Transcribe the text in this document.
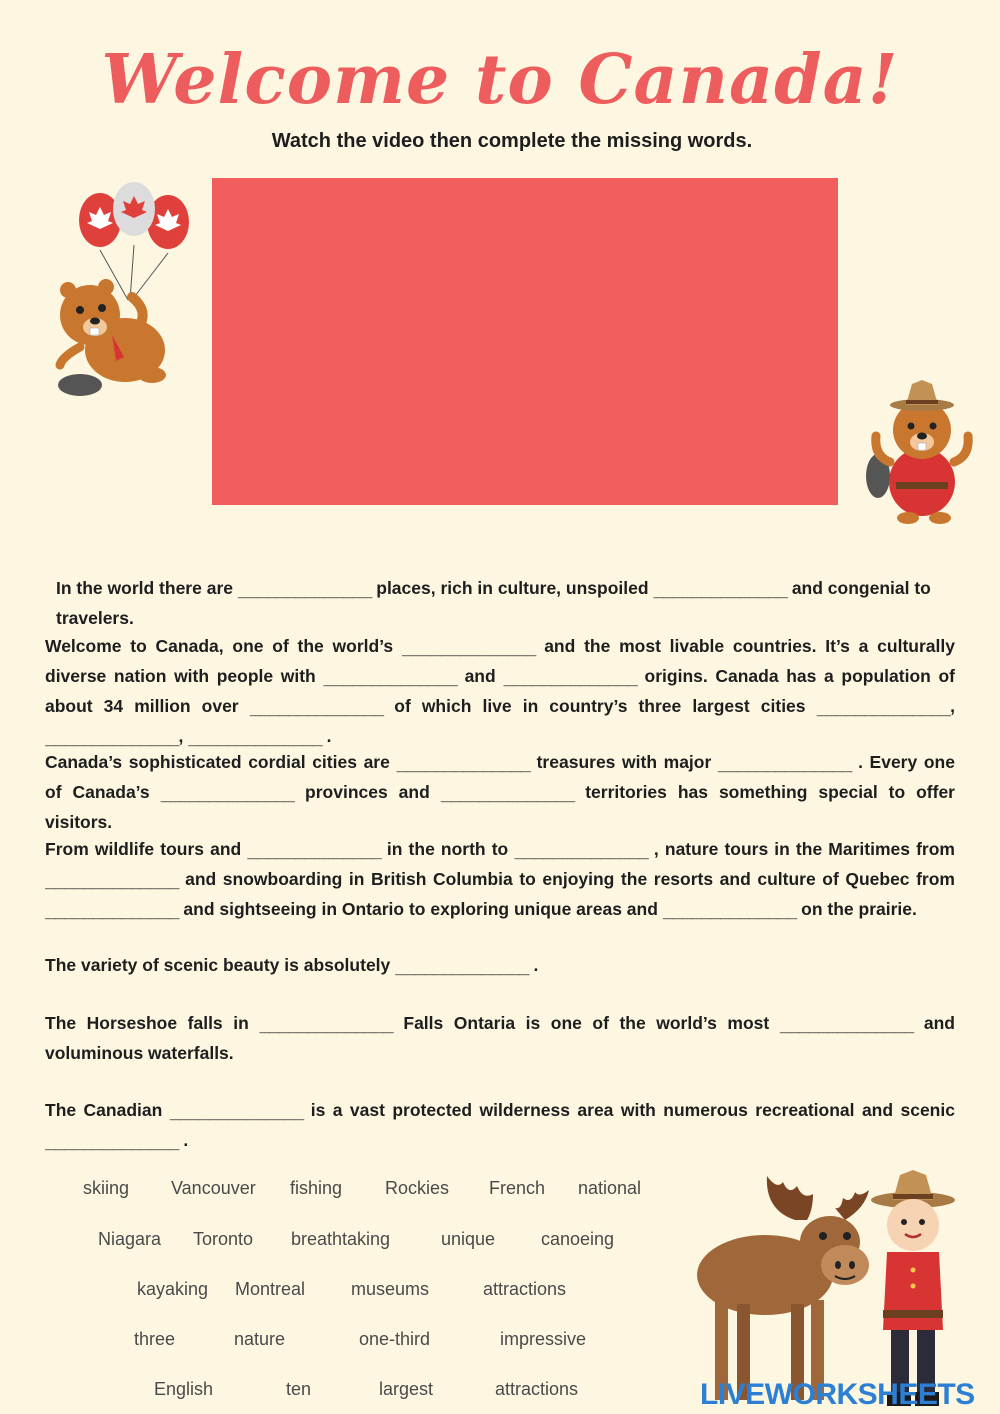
Welcome to Canada!
Watch the video then complete the missing words.

In the world there are ______________ places, rich in culture, unspoiled ______________ and congenial to travelers.

Welcome to Canada, one of the world’s ______________ and the most livable countries. It’s a culturally diverse nation with people with ______________ and ______________ origins. Canada has a population of about 34 million over ______________ of which live in country’s three largest cities ______________, ______________, ______________ .

Canada’s sophisticated cordial cities are ______________ treasures with major ______________ . Every one of Canada’s ______________ provinces and ______________ territories has something special to offer visitors.

From wildlife tours and ______________ in the north to ______________ , nature tours in the Maritimes from ______________ and snowboarding in British Columbia to enjoying the resorts and culture of Quebec from ______________ and sightseeing in Ontario to exploring unique areas and ______________ on the prairie.

The variety of scenic beauty is absolutely ______________ .

The Horseshoe falls in ______________ Falls Ontaria is one of the world’s most ______________ and voluminous waterfalls.

The Canadian ______________ is a vast protected wilderness area with numerous recreational and scenic ______________ .

skiing Vancouver fishing Rockies French national
Niagara Toronto breathtaking	unique	canoeing
kayaking Montreal	museums	attractions
three	nature	one-third	impressive
English	ten	largest	attractions	LIVEWORKSHEETS
